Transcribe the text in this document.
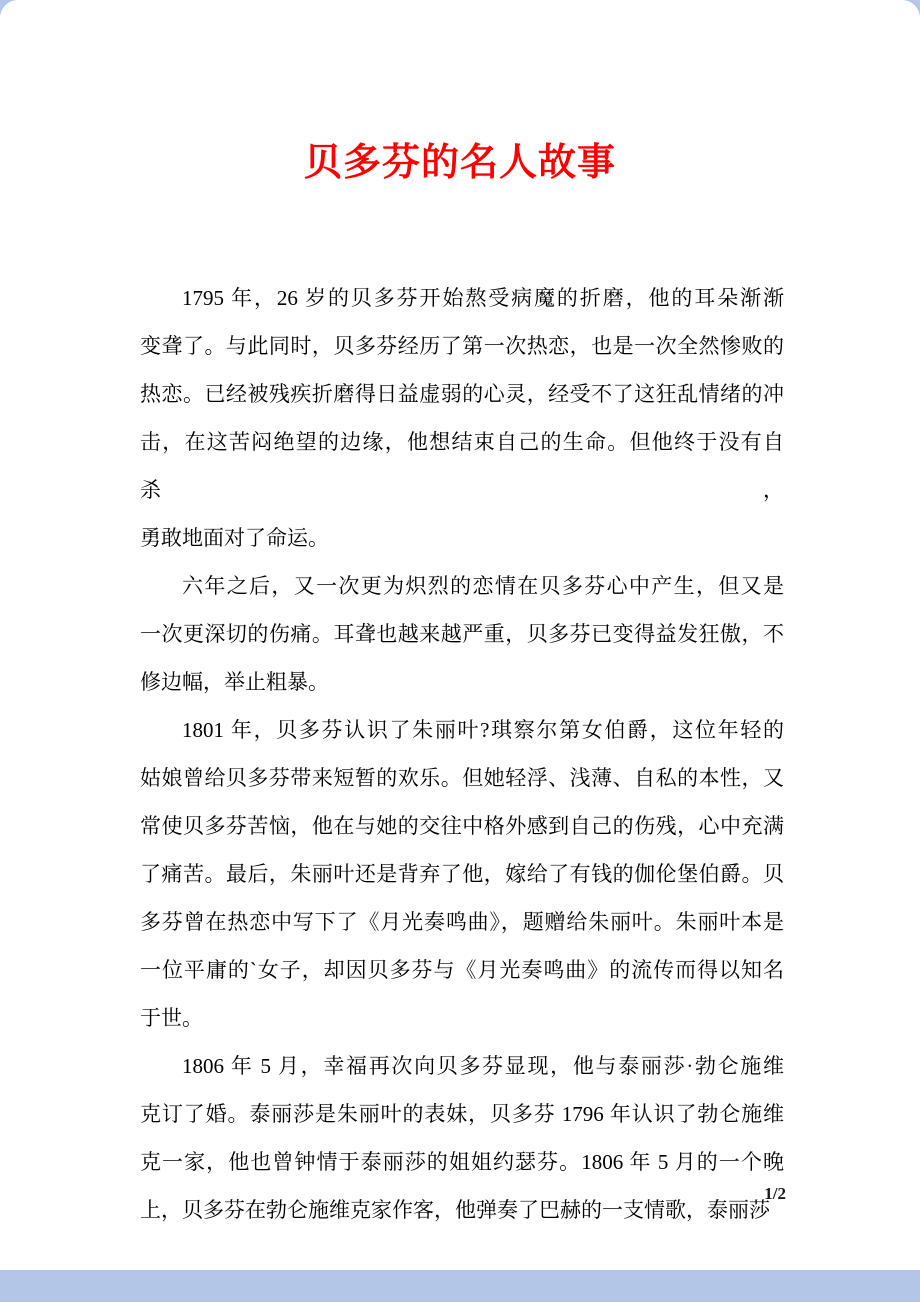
贝多芬的名人故事
1795 年，26 岁的贝多芬开始熬受病魔的折磨，他的耳朵渐渐
变聋了。与此同时，贝多芬经历了第一次热恋，也是一次全然惨败的
热恋。已经被残疾折磨得日益虚弱的心灵，经受不了这狂乱情绪的冲
击，在这苦闷绝望的边缘，他想结束自己的生命。但他终于没有自杀，
勇敢地面对了命运。
六年之后，又一次更为炽烈的恋情在贝多芬心中产生，但又是
一次更深切的伤痛。耳聋也越来越严重，贝多芬已变得益发狂傲，不
修边幅，举止粗暴。
1801 年，贝多芬认识了朱丽叶?琪察尔第女伯爵，这位年轻的
姑娘曾给贝多芬带来短暂的欢乐。但她轻浮、浅薄、自私的本性，又
常使贝多芬苦恼，他在与她的交往中格外感到自己的伤残，心中充满
了痛苦。最后，朱丽叶还是背弃了他，嫁给了有钱的伽伦堡伯爵。贝
多芬曾在热恋中写下了《月光奏鸣曲》，题赠给朱丽叶。朱丽叶本是
一位平庸的`女子，却因贝多芬与《月光奏鸣曲》的流传而得以知名
于世。
1806 年 5 月，幸福再次向贝多芬显现，他与泰丽莎·勃仑施维
克订了婚。泰丽莎是朱丽叶的表妹，贝多芬 1796 年认识了勃仑施维
克一家，他也曾钟情于泰丽莎的姐姐约瑟芬。1806 年 5 月的一个晚
上，贝多芬在勃仑施维克家作客，他弹奏了巴赫的一支情歌，泰丽莎
1/2
